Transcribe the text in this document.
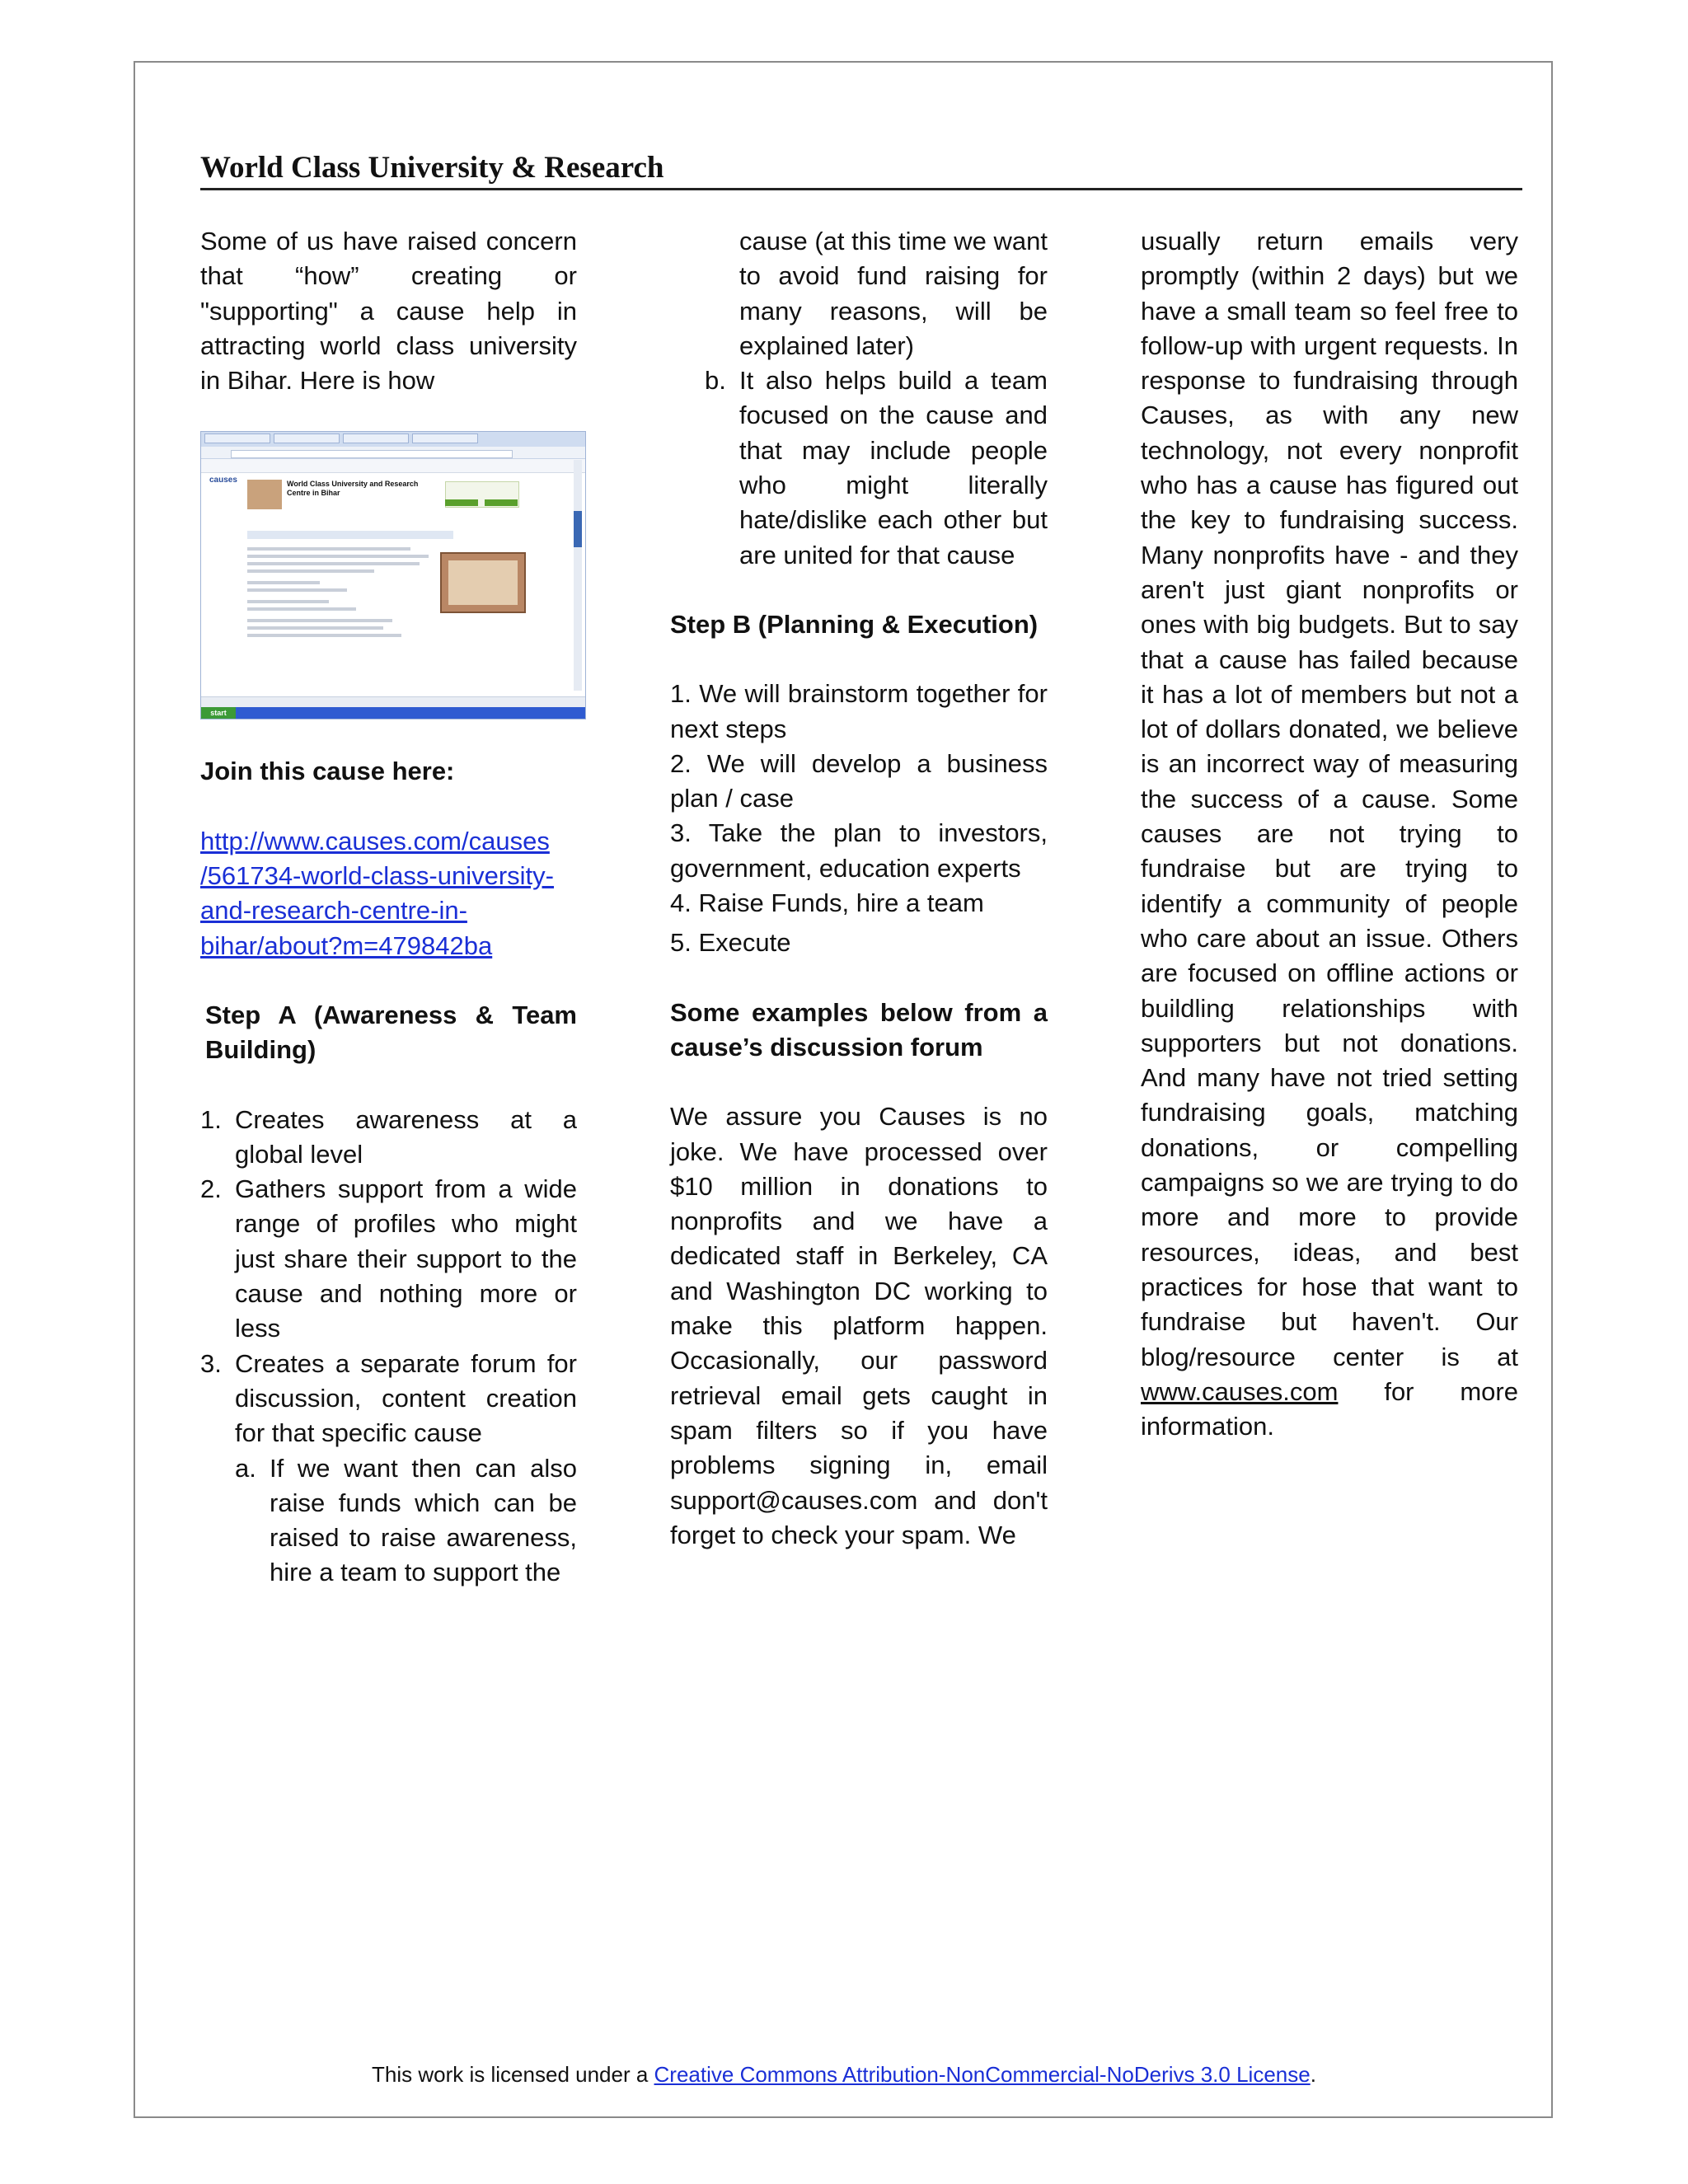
World Class University & Research

Some of us have raised concern that “how” creating or "supporting" a cause help in attracting world class university in Bihar. Here is how

causes	World Class University and Research Centre in Bihar
start

Join this cause here:

http://www.causes.com/causes
/561734-world-class-university-
and-research-centre-in-
bihar/about?m=479842ba

Step A (Awareness & Team Building)

1. Creates awareness at a global level
2. Gathers support from a wide range of profiles who might just share their support to the cause and nothing more or less
3. Creates a separate forum for discussion, content creation for that specific cause
a. If we want then can also raise funds which can be raised to raise awareness, hire a team to support the

cause (at this time we want to avoid fund raising for many reasons, will be explained later)

b. It also helps build a team focused on the cause and that may include people who might literally hate/dislike each other but are united for that cause

Step B (Planning & Execution)

1. We will brainstorm together for next steps

2. We will develop a business plan / case

3. Take the plan to investors, government, education experts

4. Raise Funds, hire a team

5. Execute

Some examples below from a cause’s discussion forum

We assure you Causes is no joke. We have processed over $10 million in donations to nonprofits and we have a dedicated staff in Berkeley, CA and Washington DC working to make this platform happen. Occasionally, our password retrieval email gets caught in spam filters so if you have problems signing in, email support@causes.com and don't forget to check your spam. We

usually return emails very promptly (within 2 days) but we have a small team so feel free to follow-up with urgent requests. In response to fundraising through Causes, as with any new technology, not every nonprofit who has a cause has figured out the key to fundraising success. Many nonprofits have - and they aren't just giant nonprofits or ones with big budgets. But to say that a cause has failed because it has a lot of members but not a lot of dollars donated, we believe is an incorrect way of measuring the success of a cause. Some causes are not trying to fundraise but are trying to identify a community of people who care about an issue. Others are focused on offline actions or buildling relationships with supporters but not donations. And many have not tried setting fundraising goals, matching donations, or compelling campaigns so we are trying to do more and more to provide resources, ideas, and best practices for hose that want to fundraise but haven't. Our blog/resource center is at www.causes.com for more information.

This work is licensed under a Creative Commons Attribution-NonCommercial-NoDerivs 3.0 License.
